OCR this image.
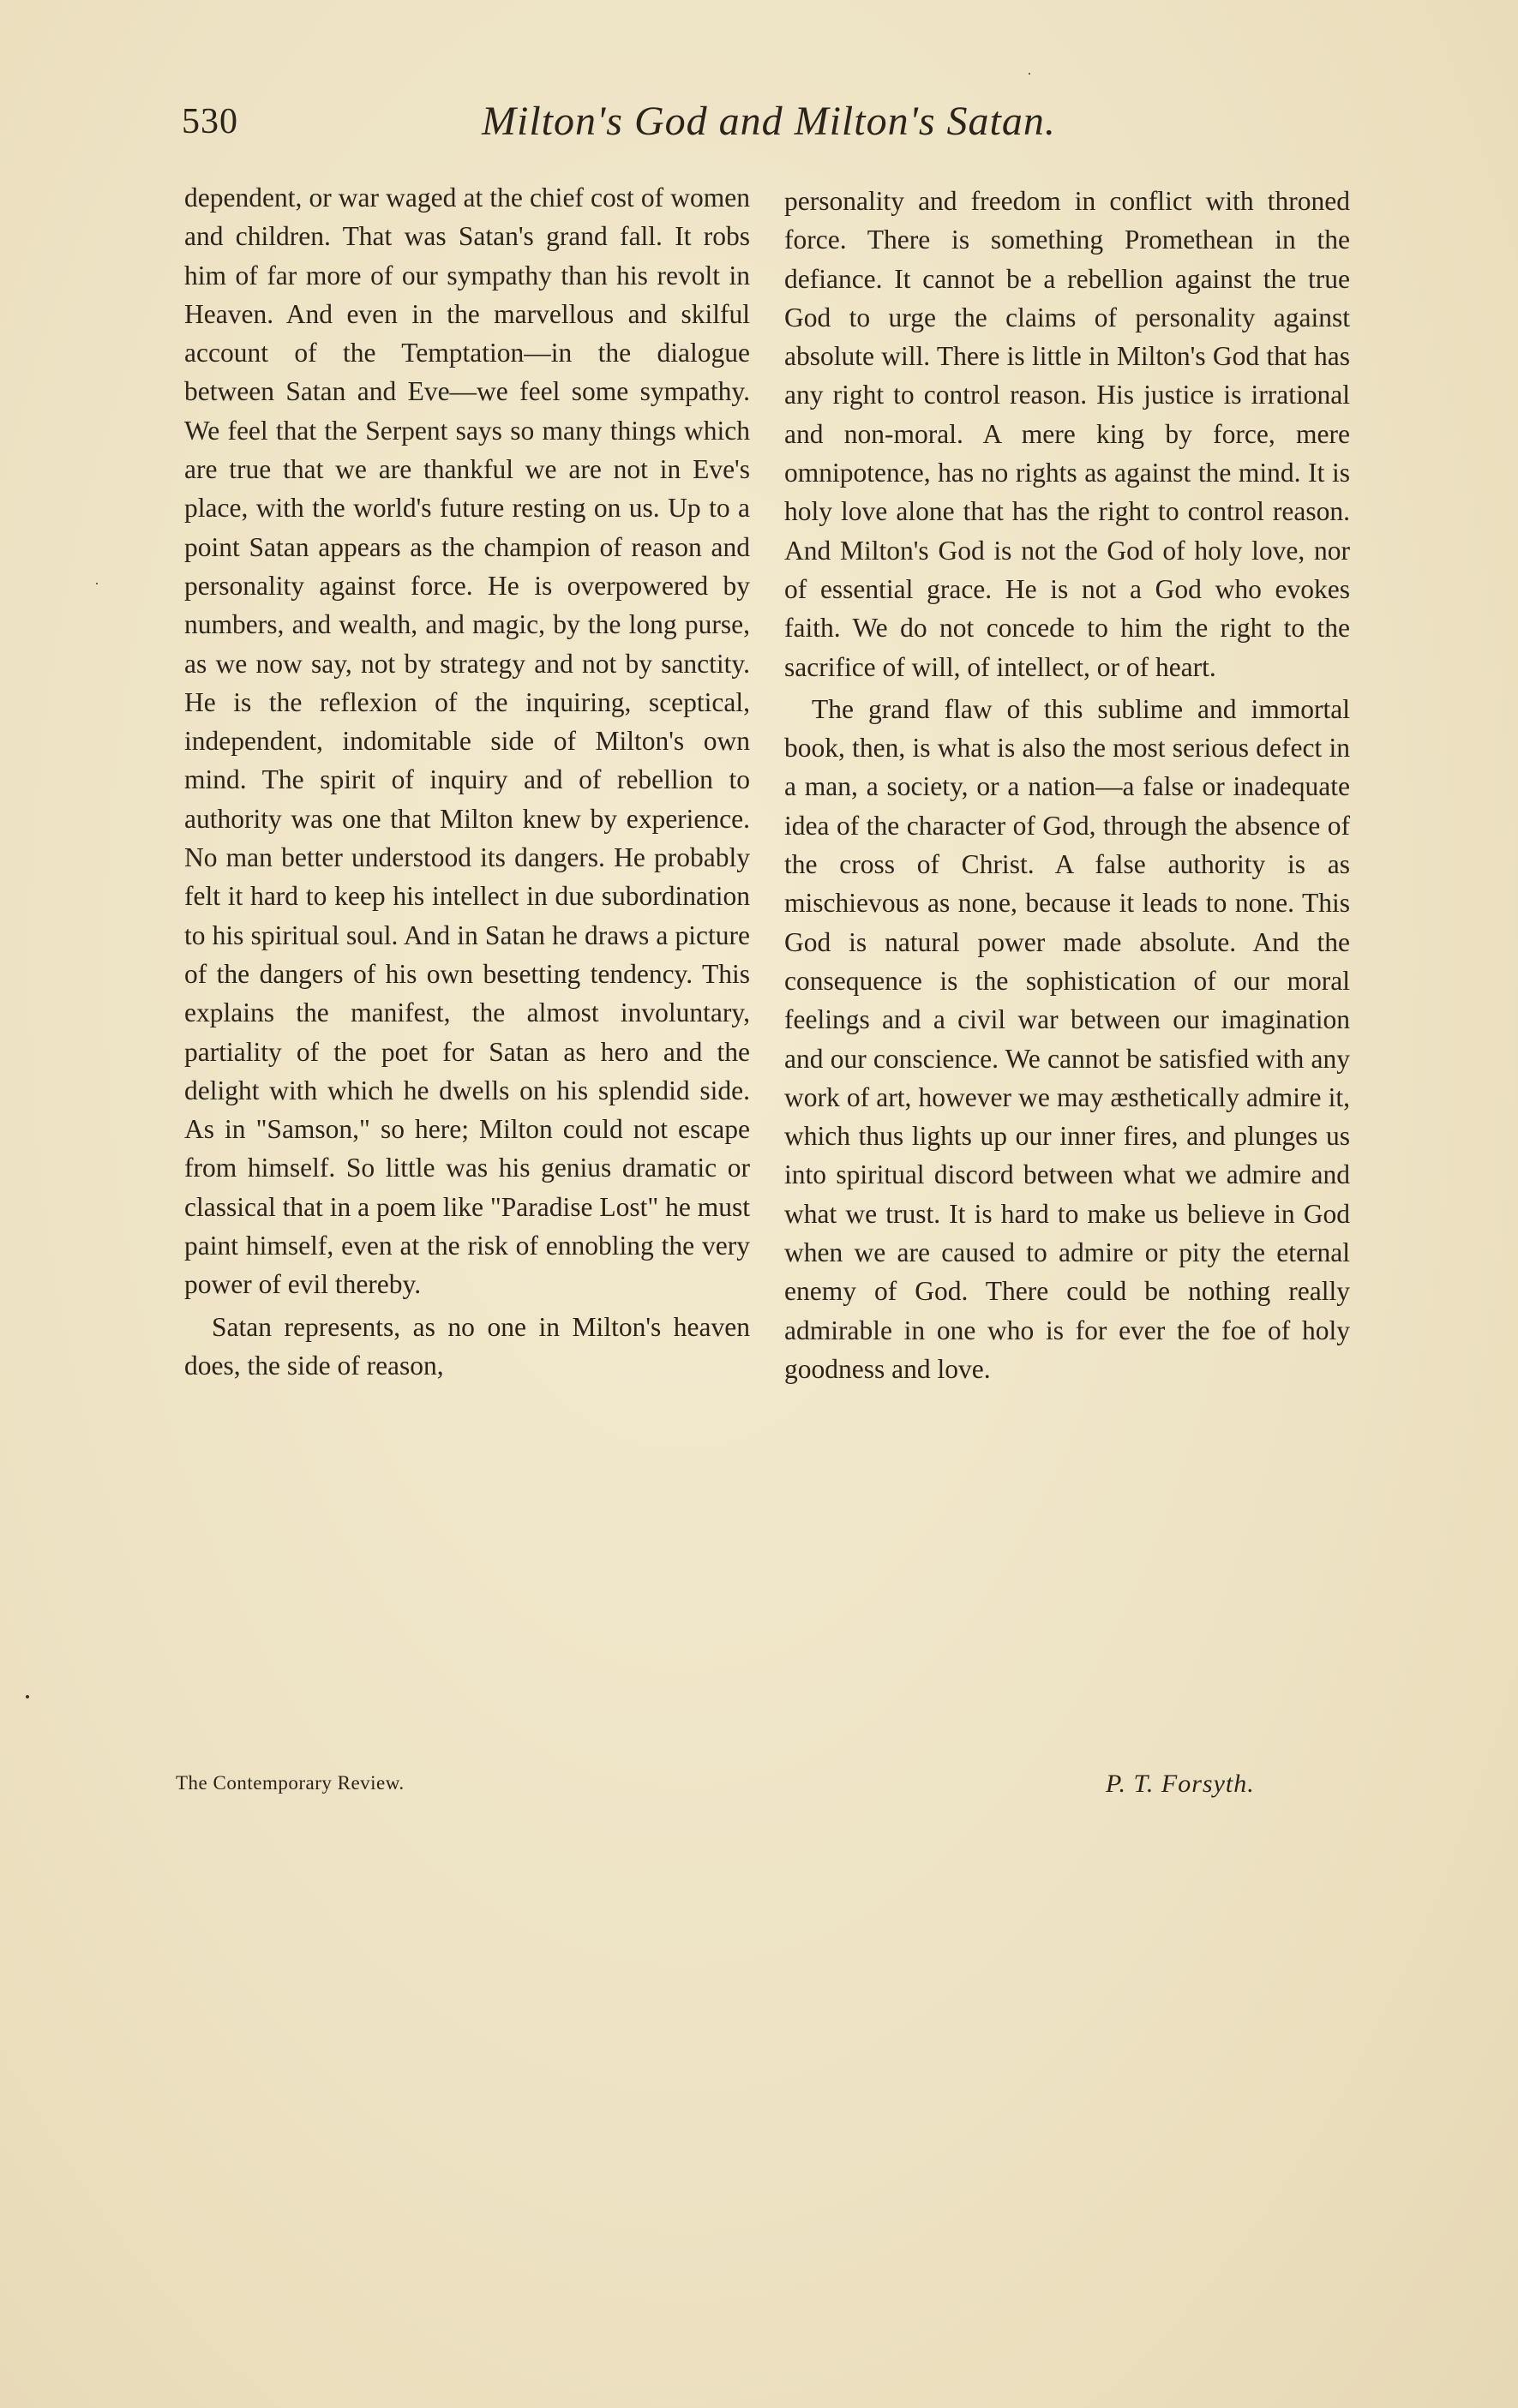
530	Milton's God and Milton's Satan.

dependent, or war waged at the chief cost of women and children. That was Satan's grand fall. It robs him of far more of our sympathy than his revolt in Heaven. And even in the marvellous and skilful account of the Temptation—in the dialogue between Satan and Eve—we feel some sympathy. We feel that the Serpent says so many things which are true that we are thankful we are not in Eve's place, with the world's future resting on us. Up to a point Satan appears as the champion of reason and personality against force. He is overpowered by numbers, and wealth, and magic, by the long purse, as we now say, not by strategy and not by sanctity. He is the reflexion of the inquiring, sceptical, independent, indomitable side of Milton's own mind. The spirit of inquiry and of rebellion to authority was one that Milton knew by experience. No man better understood its dangers. He probably felt it hard to keep his intellect in due subordination to his spiritual soul. And in Satan he draws a picture of the dangers of his own besetting tendency. This explains the manifest, the almost involuntary, partiality of the poet for Satan as hero and the delight with which he dwells on his splendid side. As in "Samson," so here; Milton could not escape from himself. So little was his genius dramatic or classical that in a poem like "Paradise Lost" he must paint himself, even at the risk of ennobling the very power of evil thereby.

Satan represents, as no one in Milton's heaven does, the side of reason,

personality and freedom in conflict with throned force. There is something Promethean in the defiance. It cannot be a rebellion against the true God to urge the claims of personality against absolute will. There is little in Milton's God that has any right to control reason. His justice is irrational and non-moral. A mere king by force, mere omnipotence, has no rights as against the mind. It is holy love alone that has the right to control reason. And Milton's God is not the God of holy love, nor of essential grace. He is not a God who evokes faith. We do not concede to him the right to the sacrifice of will, of intellect, or of heart.

The grand flaw of this sublime and immortal book, then, is what is also the most serious defect in a man, a society, or a nation—a false or inadequate idea of the character of God, through the absence of the cross of Christ. A false authority is as mischievous as none, because it leads to none. This God is natural power made absolute. And the consequence is the sophistication of our moral feelings and a civil war between our imagination and our conscience. We cannot be satisfied with any work of art, however we may æsthetically admire it, which thus lights up our inner fires, and plunges us into spiritual discord between what we admire and what we trust. It is hard to make us believe in God when we are caused to admire or pity the eternal enemy of God. There could be nothing really admirable in one who is for ever the foe of holy goodness and love.

The Contemporary Review.	P. T. Forsyth.
